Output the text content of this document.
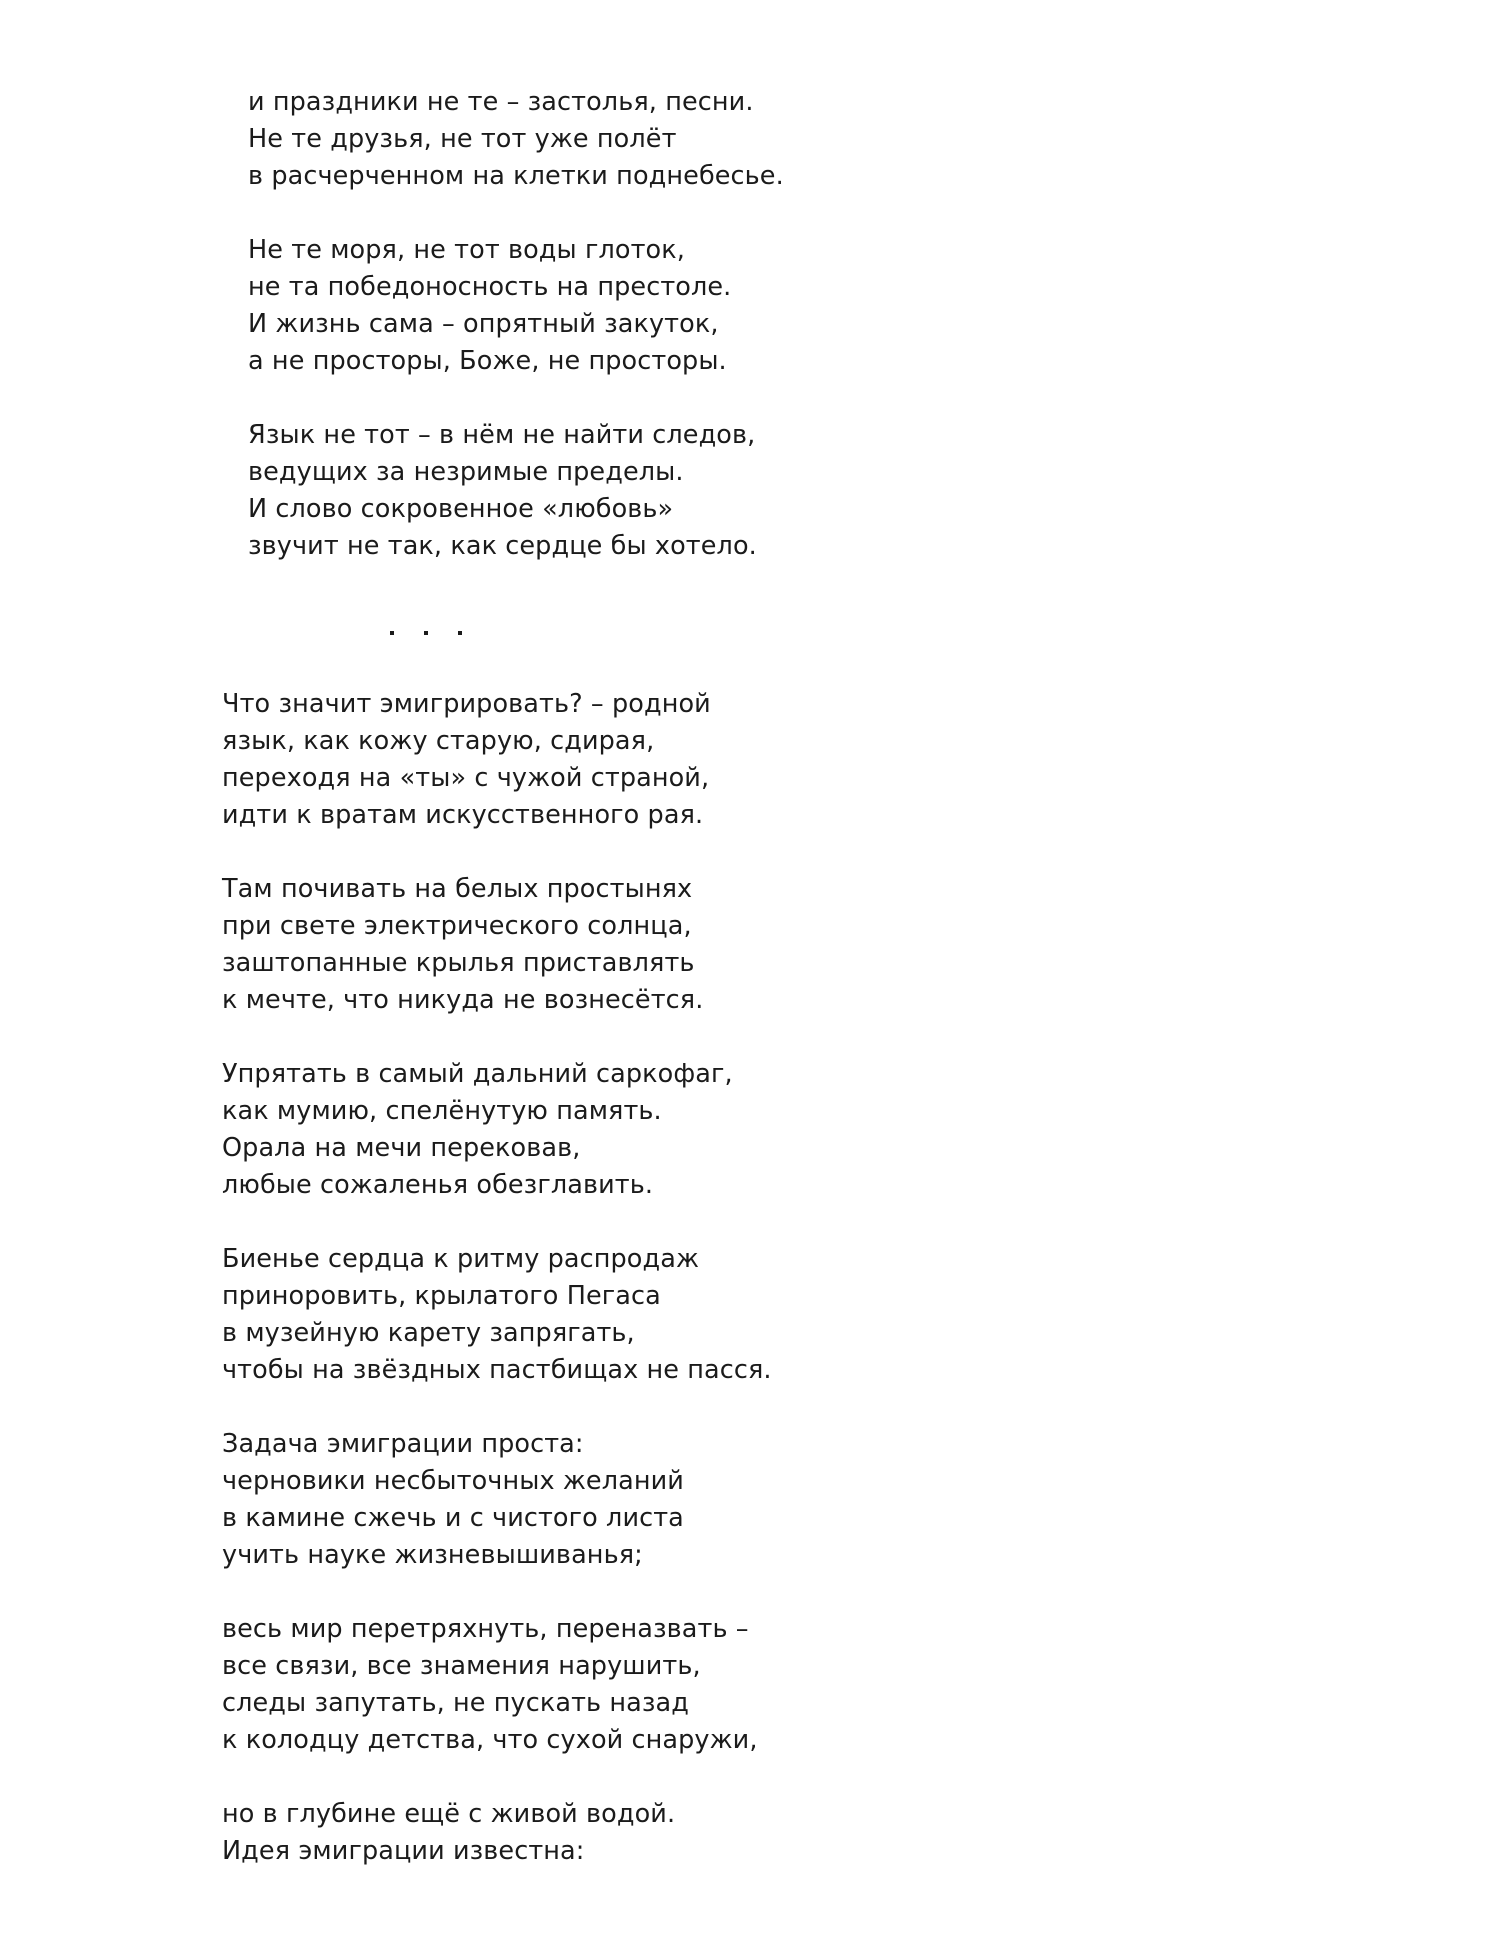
и праздники не те – застолья, песни.
Не те друзья, не тот уже полёт
в расчерченном на клетки поднебесье.
Не те моря, не тот воды глоток,
не та победоносность на престоле.
И жизнь сама – опрятный закуток,
а не просторы, Боже, не просторы.
Язык не тот – в нём не найти следов,
ведущих за незримые пределы.
И слово сокровенное «любовь»
звучит не так, как сердце бы хотело.
Что значит эмигрировать? – родной
язык, как кожу старую, сдирая,
переходя на «ты» с чужой страной,
идти к вратам искусственного рая.
Там почивать на белых простынях
при свете электрического солнца,
заштопанные крылья приставлять
к мечте, что никуда не вознесётся.
Упрятать в самый дальний саркофаг,
как мумию, спелёнутую память.
Орала на мечи перековав,
любые сожаленья обезглавить.
Биенье сердца к ритму распродаж
приноровить, крылатого Пегаса
в музейную карету запрягать,
чтобы на звёздных пастбищах не пасся.
Задача эмиграции проста:
черновики несбыточных желаний
в камине сжечь и с чистого листа
учить науке жизневышиванья;
весь мир перетряхнуть, переназвать –
все связи, все знамения нарушить,
следы запутать, не пускать назад
к колодцу детства, что сухой снаружи,
но в глубине ещё с живой водой.
Идея эмиграции известна:
